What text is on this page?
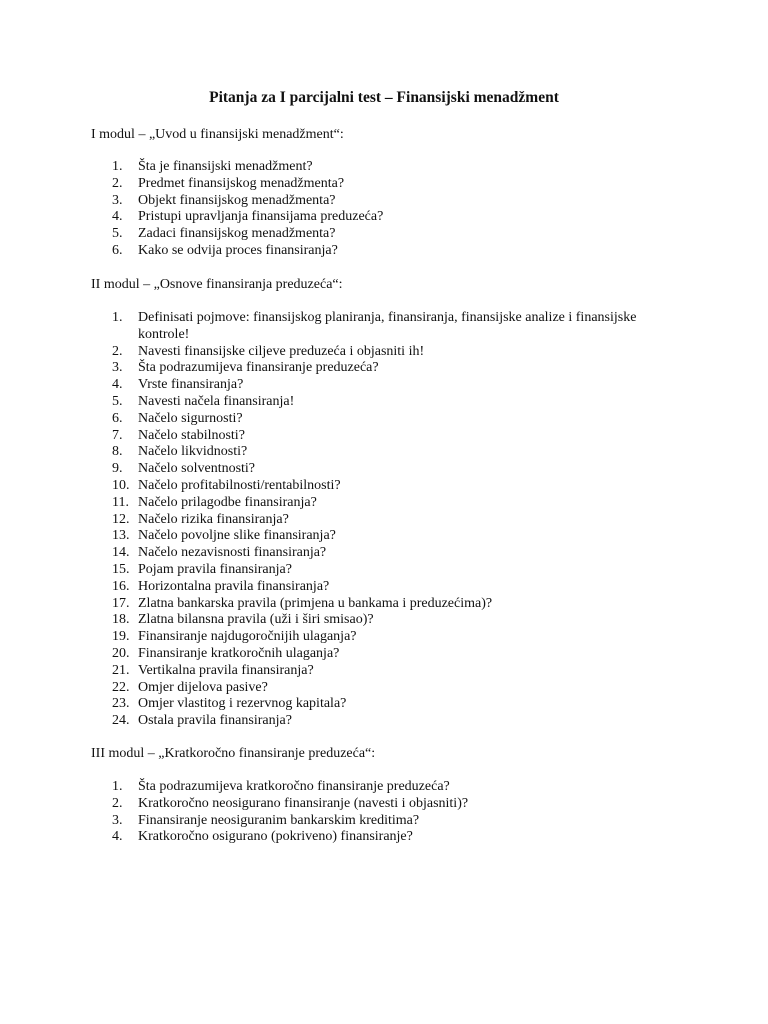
Pitanja za I parcijalni test – Finansijski menadžment
I modul – „Uvod u finansijski menadžment“:
1.	Šta je finansijski menadžment?
2.	Predmet finansijskog menadžmenta?
3.	Objekt finansijskog menadžmenta?
4.	Pristupi upravljanja finansijama preduzeća?
5.	Zadaci finansijskog menadžmenta?
6.	Kako se odvija proces finansiranja?
II modul – „Osnove finansiranja preduzeća“:
1.	Definisati pojmove: finansijskog planiranja, finansiranja, finansijske analize i finansijske kontrole!
2.	Navesti finansijske ciljeve preduzeća i objasniti ih!
3.	Šta podrazumijeva finansiranje preduzeća?
4.	Vrste finansiranja?
5.	Navesti načela finansiranja!
6.	Načelo sigurnosti?
7.	Načelo stabilnosti?
8.	Načelo likvidnosti?
9.	Načelo solventnosti?
10. Načelo profitabilnosti/rentabilnosti?
11. Načelo prilagodbe finansiranja?
12. Načelo rizika finansiranja?
13. Načelo povoljne slike finansiranja?
14. Načelo nezavisnosti finansiranja?
15. Pojam pravila finansiranja?
16. Horizontalna pravila finansiranja?
17. Zlatna bankarska pravila (primjena u bankama i preduzećima)?
18. Zlatna bilansna pravila (uži i širi smisao)?
19. Finansiranje najdugoročnijih ulaganja?
20. Finansiranje kratkoročnih ulaganja?
21. Vertikalna pravila finansiranja?
22. Omjer dijelova pasive?
23. Omjer vlastitog i rezervnog kapitala?
24. Ostala pravila finansiranja?
III modul – „Kratkoročno finansiranje preduzeća“:
1.	Šta podrazumijeva kratkoročno finansiranje preduzeća?
2.	Kratkoročno neosigurano finansiranje (navesti i objasniti)?
3.	Finansiranje neosiguranim bankarskim kreditima?
4.	Kratkoročno osigurano (pokriveno) finansiranje?
